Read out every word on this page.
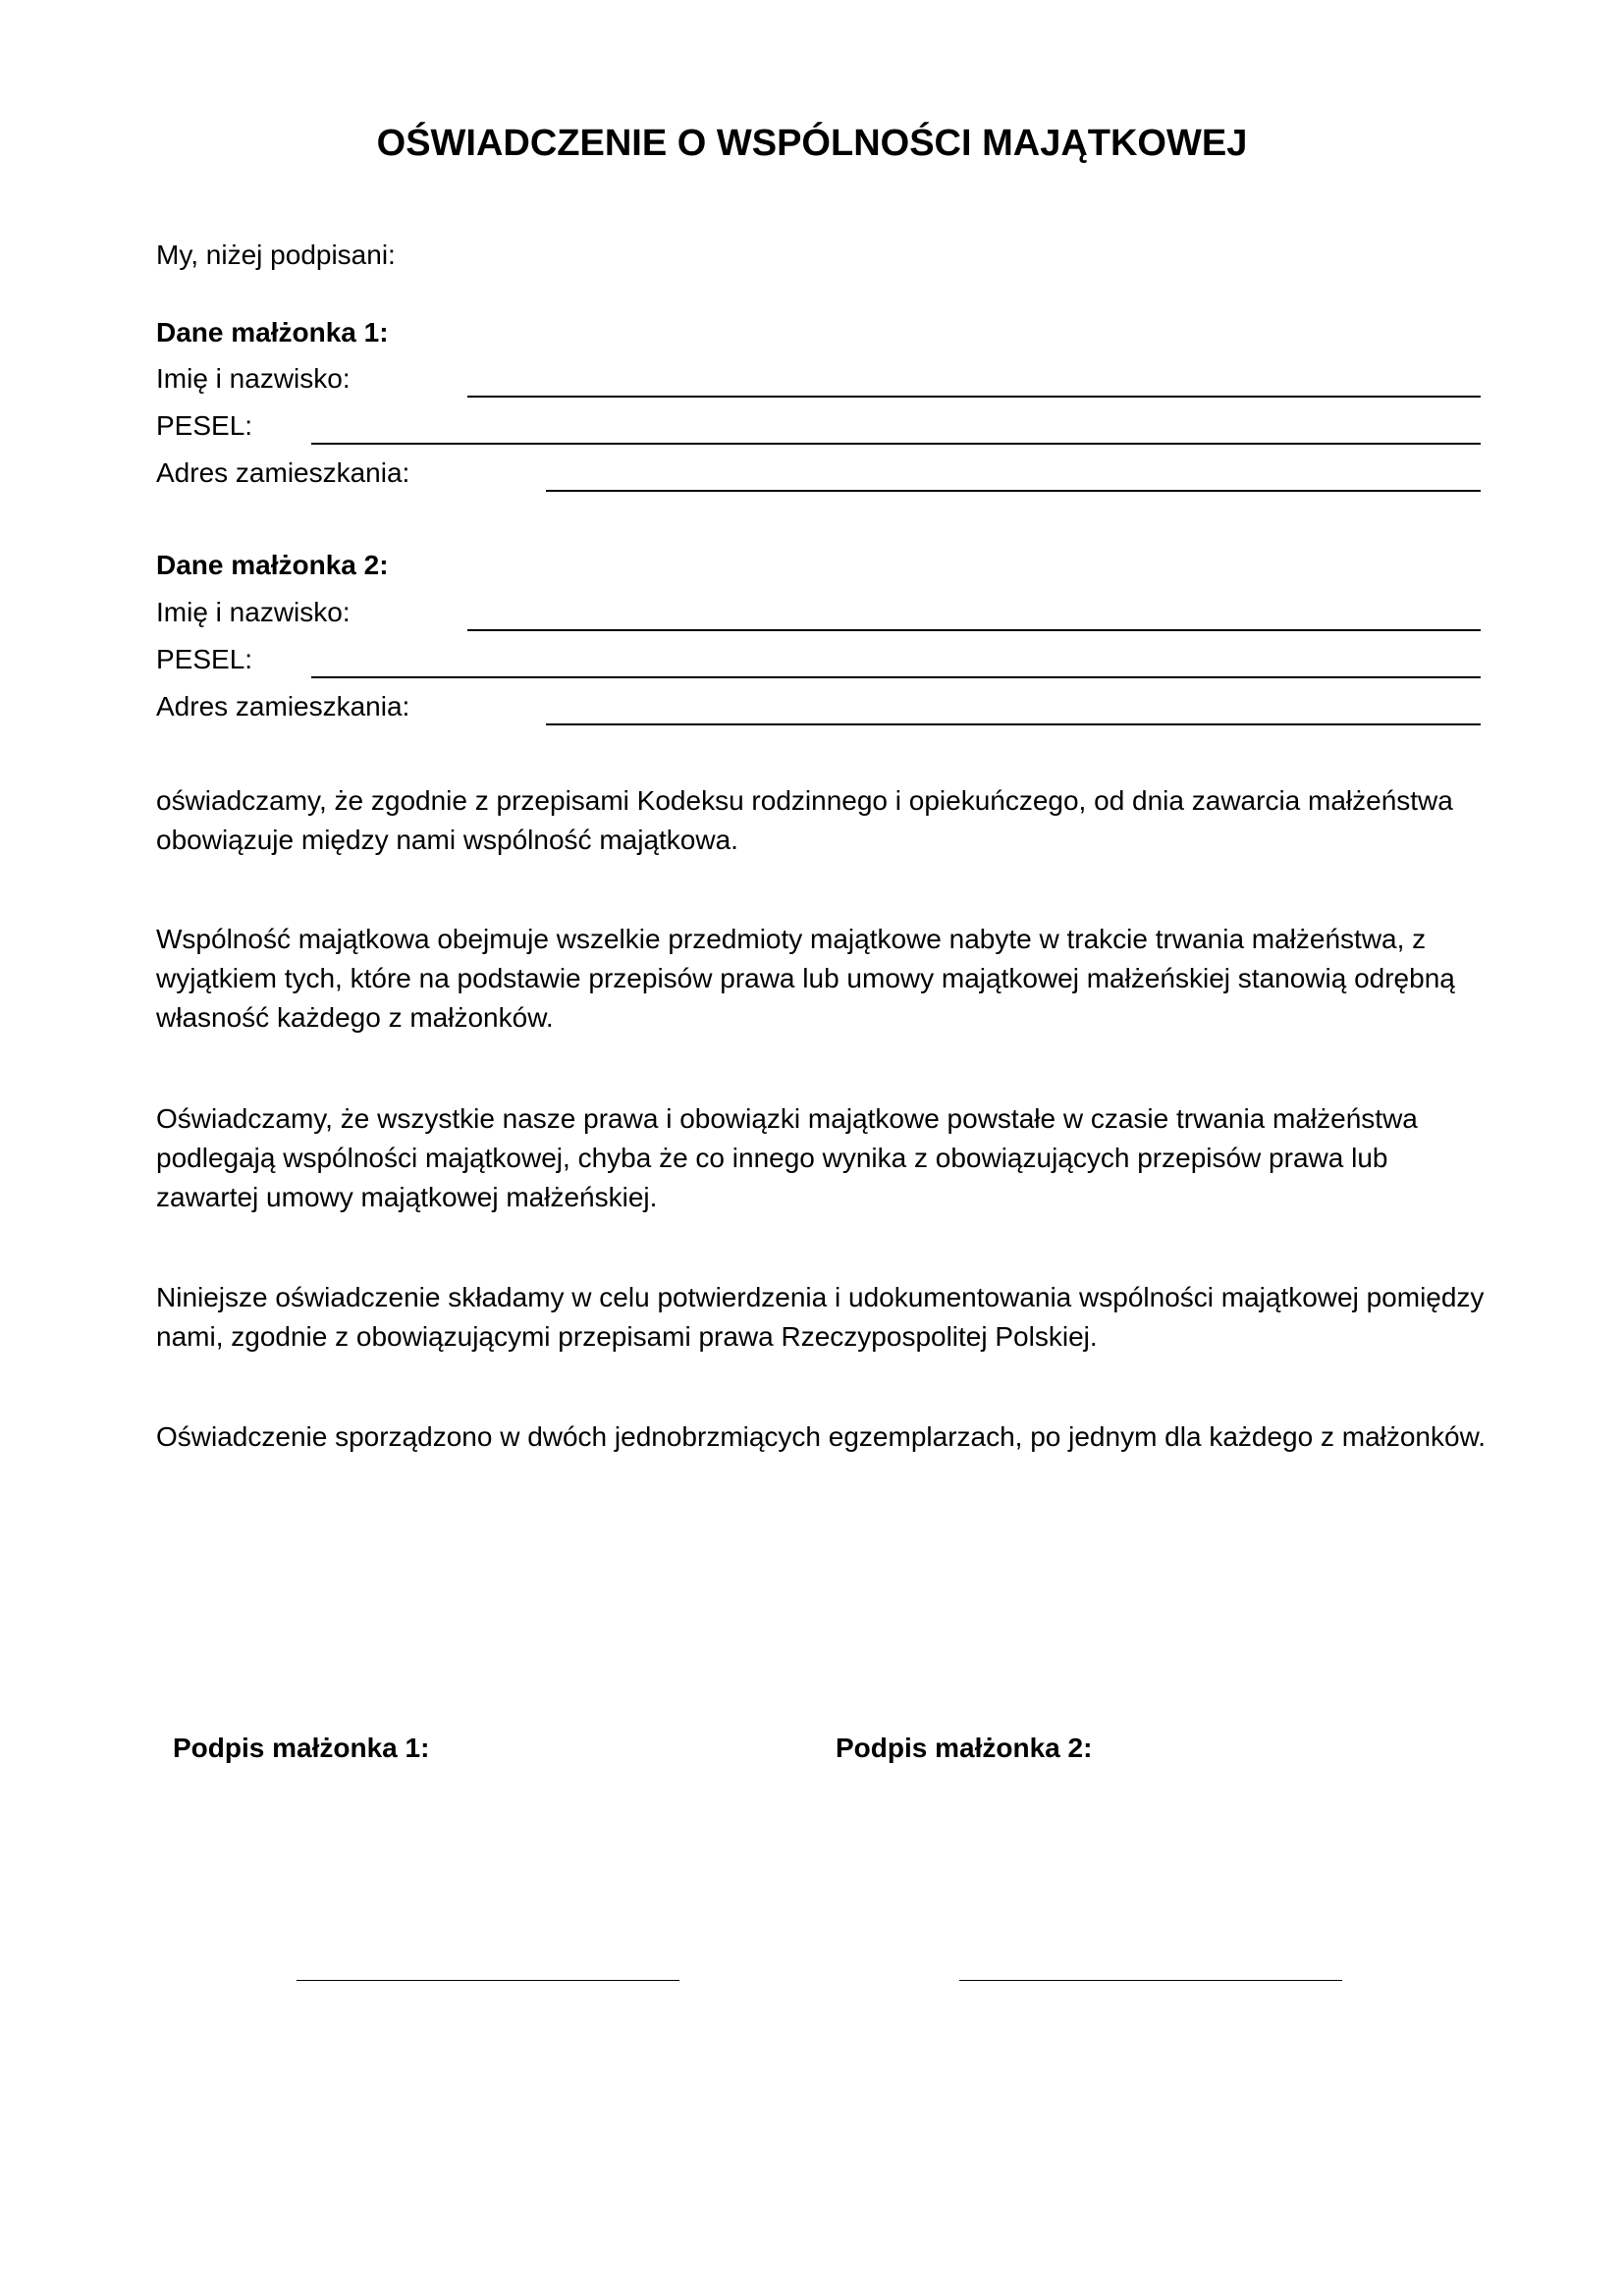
OŚWIADCZENIE O WSPÓLNOŚCI MAJĄTKOWEJ
My, niżej podpisani:
Dane małżonka 1:
Imię i nazwisko:
PESEL:
Adres zamieszkania:
Dane małżonka 2:
Imię i nazwisko:
PESEL:
Adres zamieszkania:
oświadczamy, że zgodnie z przepisami Kodeksu rodzinnego i opiekuńczego, od dnia zawarcia małżeństwa obowiązuje między nami wspólność majątkowa.
Wspólność majątkowa obejmuje wszelkie przedmioty majątkowe nabyte w trakcie trwania małżeństwa, z wyjątkiem tych, które na podstawie przepisów prawa lub umowy majątkowej małżeńskiej stanowią odrębną własność każdego z małżonków.
Oświadczamy, że wszystkie nasze prawa i obowiązki majątkowe powstałe w czasie trwania małżeństwa podlegają wspólności majątkowej, chyba że co innego wynika z obowiązujących przepisów prawa lub zawartej umowy majątkowej małżeńskiej.
Niniejsze oświadczenie składamy w celu potwierdzenia i udokumentowania wspólności majątkowej pomiędzy nami, zgodnie z obowiązującymi przepisami prawa Rzeczypospolitej Polskiej.
Oświadczenie sporządzono w dwóch jednobrzmiących egzemplarzach, po jednym dla każdego z małżonków.
Podpis małżonka 1:	Podpis małżonka 2:
